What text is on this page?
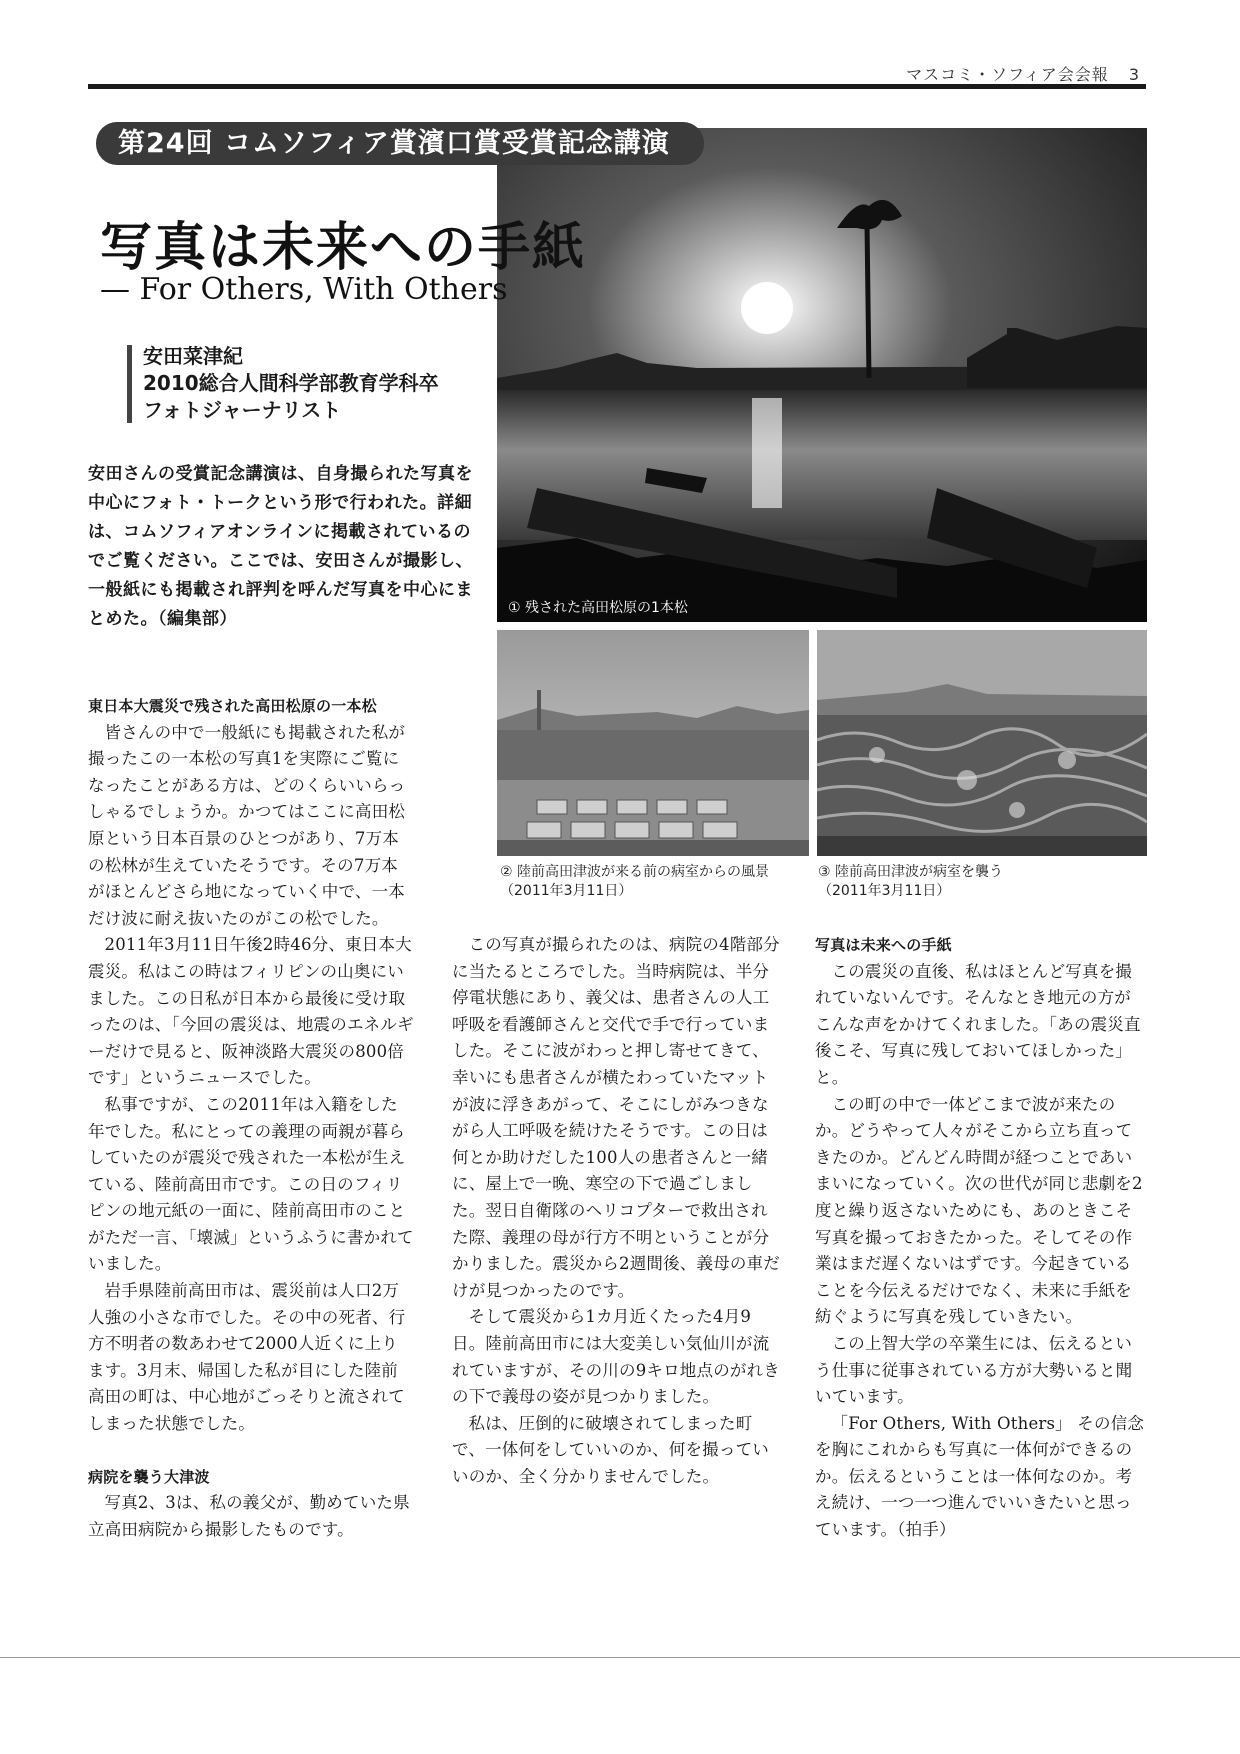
マスコミ・ソフィア会会報 3
① 残された高田松原の1本松
第24回 コムソフィア賞濱口賞受賞記念講演
写真は未来への手紙
— For Others, With Others
安田菜津紀
2010総合人間科学部教育学科卒
フォトジャーナリスト
安田さんの受賞記念講演は、自身撮られた写真を中心にフォト・トークという形で行われた。詳細は、コムソフィアオンラインに掲載されているのでご覧ください。ここでは、安田さんが撮影し、一般紙にも掲載され評判を呼んだ写真を中心にまとめた。（編集部）
② 陸前高田津波が来る前の病室からの風景
（2011年3月11日）
③ 陸前高田津波が病室を襲う
（2011年3月11日）
東日本大震災で残された高田松原の一本松

皆さんの中で一般紙にも掲載された私が撮ったこの一本松の写真1を実際にご覧になったことがある方は、どのくらいいらっしゃるでしょうか。かつてはここに高田松原という日本百景のひとつがあり、7万本の松林が生えていたそうです。その7万本がほとんどさら地になっていく中で、一本だけ波に耐え抜いたのがこの松でした。

2011年3月11日午後2時46分、東日本大震災。私はこの時はフィリピンの山奥にいました。この日私が日本から最後に受け取ったのは、「今回の震災は、地震のエネルギーだけで見ると、阪神淡路大震災の800倍です」というニュースでした。

私事ですが、この2011年は入籍をした年でした。私にとっての義理の両親が暮らしていたのが震災で残された一本松が生えている、陸前高田市です。この日のフィリピンの地元紙の一面に、陸前高田市のことがただ一言、「壊滅」というふうに書かれていました。

岩手県陸前高田市は、震災前は人口2万人強の小さな市でした。その中の死者、行方不明者の数あわせて2000人近くに上ります。3月末、帰国した私が目にした陸前高田の町は、中心地がごっそりと流されてしまった状態でした。

病院を襲う大津波

写真2、3は、私の義父が、勤めていた県立高田病院から撮影したものです。

この写真が撮られたのは、病院の4階部分に当たるところでした。当時病院は、半分停電状態にあり、義父は、患者さんの人工呼吸を看護師さんと交代で手で行っていました。そこに波がわっと押し寄せてきて、幸いにも患者さんが横たわっていたマットが波に浮きあがって、そこにしがみつきながら人工呼吸を続けたそうです。この日は何とか助けだした100人の患者さんと一緒に、屋上で一晩、寒空の下で過ごしました。翌日自衛隊のヘリコプターで救出された際、義理の母が行方不明ということが分かりました。震災から2週間後、義母の車だけが見つかったのです。

そして震災から1カ月近くたった4月9日。陸前高田市には大変美しい気仙川が流れていますが、その川の9キロ地点のがれきの下で義母の姿が見つかりました。

私は、圧倒的に破壊されてしまった町で、一体何をしていいのか、何を撮っていいのか、全く分かりませんでした。

写真は未来への手紙

この震災の直後、私はほとんど写真を撮れていないんです。そんなとき地元の方がこんな声をかけてくれました。「あの震災直後こそ、写真に残しておいてほしかった」と。

この町の中で一体どこまで波が来たのか。どうやって人々がそこから立ち直ってきたのか。どんどん時間が経つことであいまいになっていく。次の世代が同じ悲劇を2度と繰り返さないためにも、あのときこそ写真を撮っておきたかった。そしてその作業はまだ遅くないはずです。今起きていることを今伝えるだけでなく、未来に手紙を紡ぐように写真を残していきたい。

この上智大学の卒業生には、伝えるという仕事に従事されている方が大勢いると聞いています。

「For Others, With Others」 その信念を胸にこれからも写真に一体何ができるのか。伝えるということは一体何なのか。考え続け、一つ一つ進んでいいきたいと思っています。（拍手）
